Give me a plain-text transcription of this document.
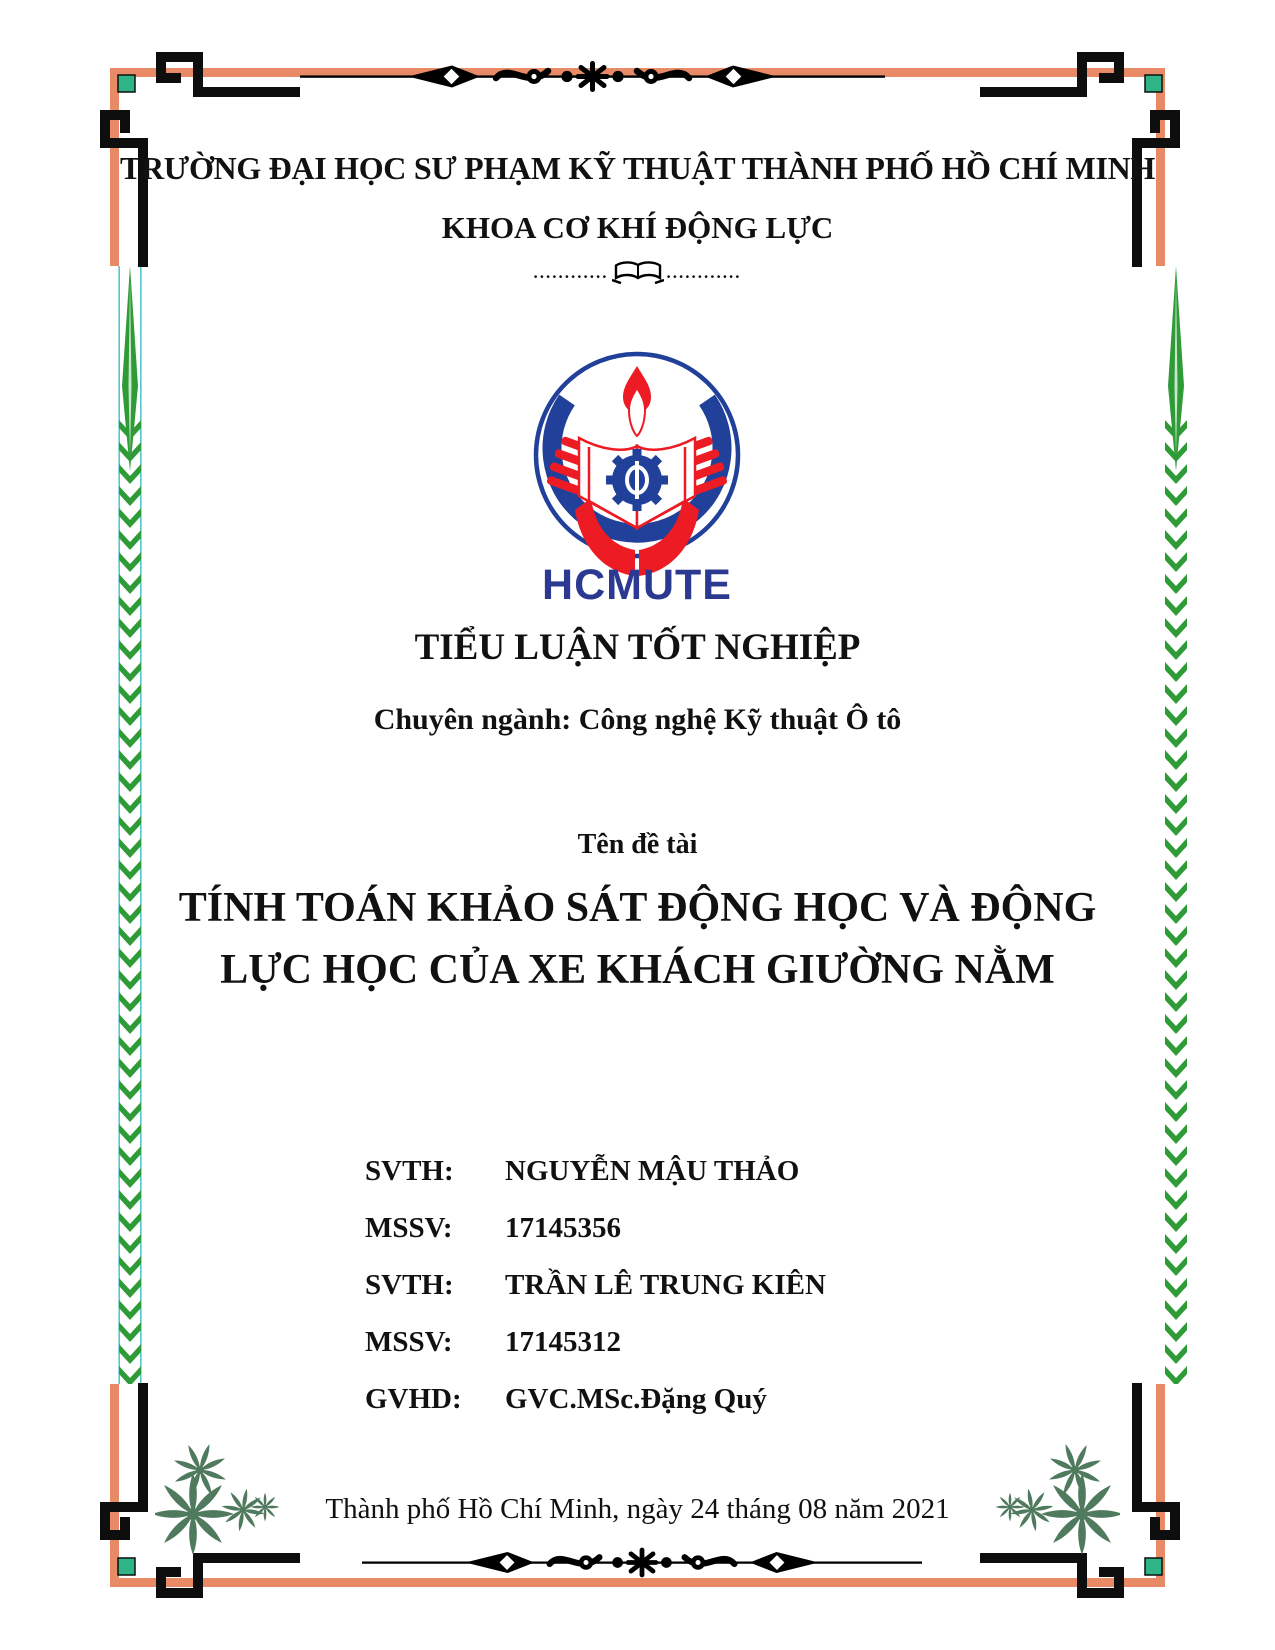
TRƯỜNG ĐẠI HỌC SƯ PHẠM KỸ THUẬT THÀNH PHỐ HỒ CHÍ MINH
KHOA CƠ KHÍ ĐỘNG LỰC
............	............
HCMUTE
TIỂU LUẬN TỐT NGHIỆP
Chuyên ngành: Công nghệ Kỹ thuật Ô tô
Tên đề tài
TÍNH TOÁN KHẢO SÁT ĐỘNG HỌC VÀ ĐỘNG
LỰC HỌC CỦA XE KHÁCH GIƯỜNG NẰM
SVTH:	NGUYỄN MẬU THẢO
MSSV:	17145356
SVTH:	TRẦN LÊ TRUNG KIÊN
MSSV:	17145312
GVHD:	GVC.MSc.Đặng Quý
Thành phố Hồ Chí Minh, ngày 24 tháng 08 năm 2021
